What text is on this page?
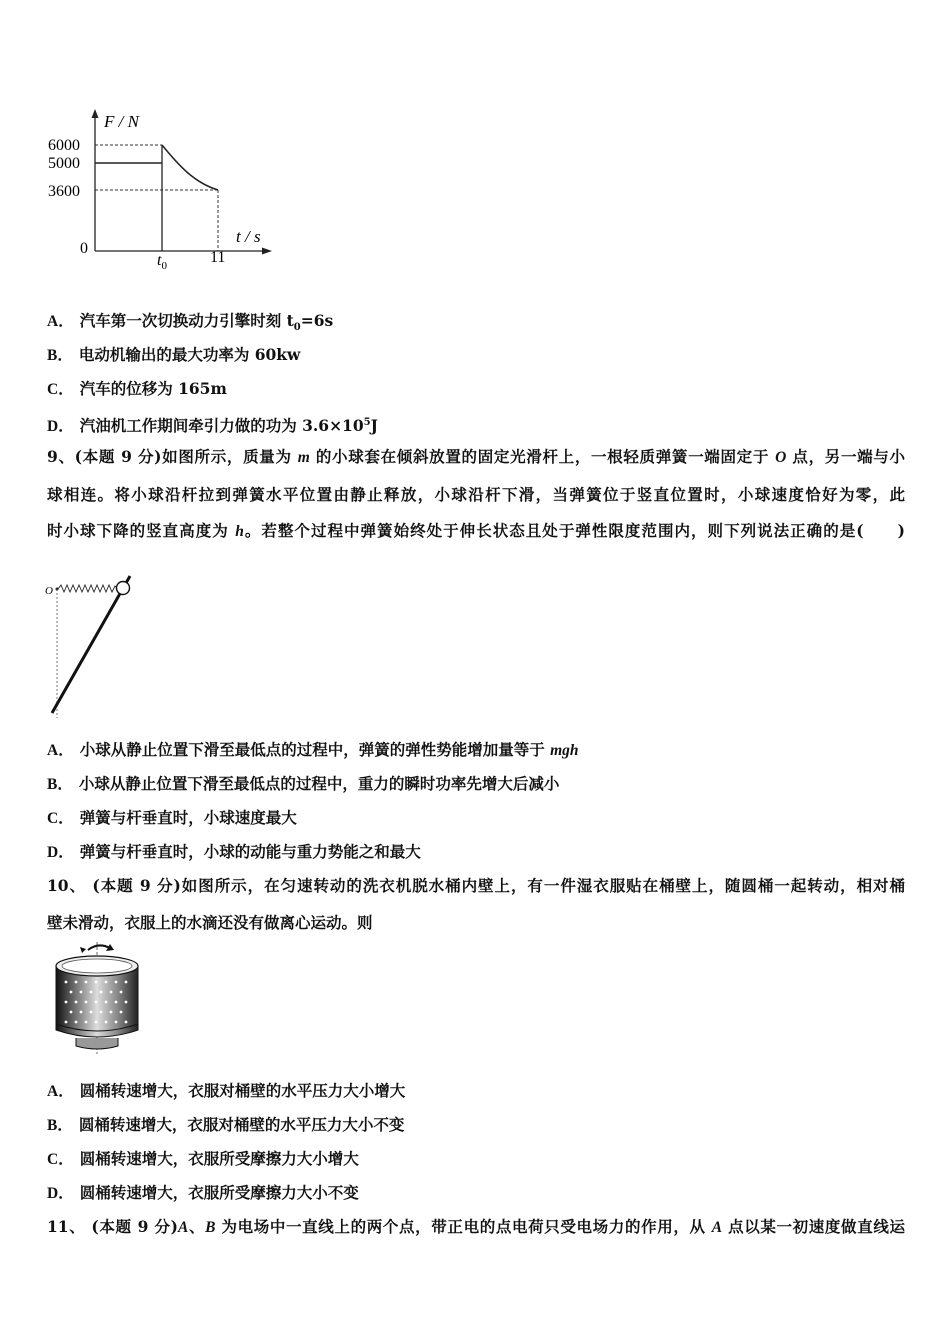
F / N
6000
5000
3600
0
t / s
$t_0$	11
A． 汽车第一次切换动力引擎时刻 $t_0=6s$
B． 电动机输出的最大功率为 60kw
C． 汽车的位移为 165m
D． 汽油机工作期间牵引力做的功为 $3.6\times 10^5J$
9、(本题 9 分)如图所示，质量为 m 的小球套在倾斜放置的固定光滑杆上，一根轻质弹簧一端固定于 O 点，另一端与小
球相连。将小球沿杆拉到弹簧水平位置由静止释放，小球沿杆下滑，当弹簧位于竖直位置时，小球速度恰好为零，此
时小球下降的竖直高度为 h。若整个过程中弹簧始终处于伸长状态且处于弹性限度范围内，则下列说法正确的是(　　)
O
A． 小球从静止位置下滑至最低点的过程中，弹簧的弹性势能增加量等于 mgh
B． 小球从静止位置下滑至最低点的过程中，重力的瞬时功率先增大后减小
C． 弹簧与杆垂直时，小球速度最大
D． 弹簧与杆垂直时，小球的动能与重力势能之和最大
10、 (本题 9 分)如图所示，在匀速转动的洗衣机脱水桶内壁上，有一件湿衣服贴在桶壁上，随圆桶一起转动，相对桶
壁未滑动，衣服上的水滴还没有做离心运动。则
A． 圆桶转速增大，衣服对桶壁的水平压力大小增大
B． 圆桶转速增大，衣服对桶壁的水平压力大小不变
C． 圆桶转速增大，衣服所受摩擦力大小增大
D． 圆桶转速增大，衣服所受摩擦力大小不变
11、 (本题 9 分)A、B 为电场中一直线上的两个点，带正电的点电荷只受电场力的作用，从 A 点以某一初速度做直线运
